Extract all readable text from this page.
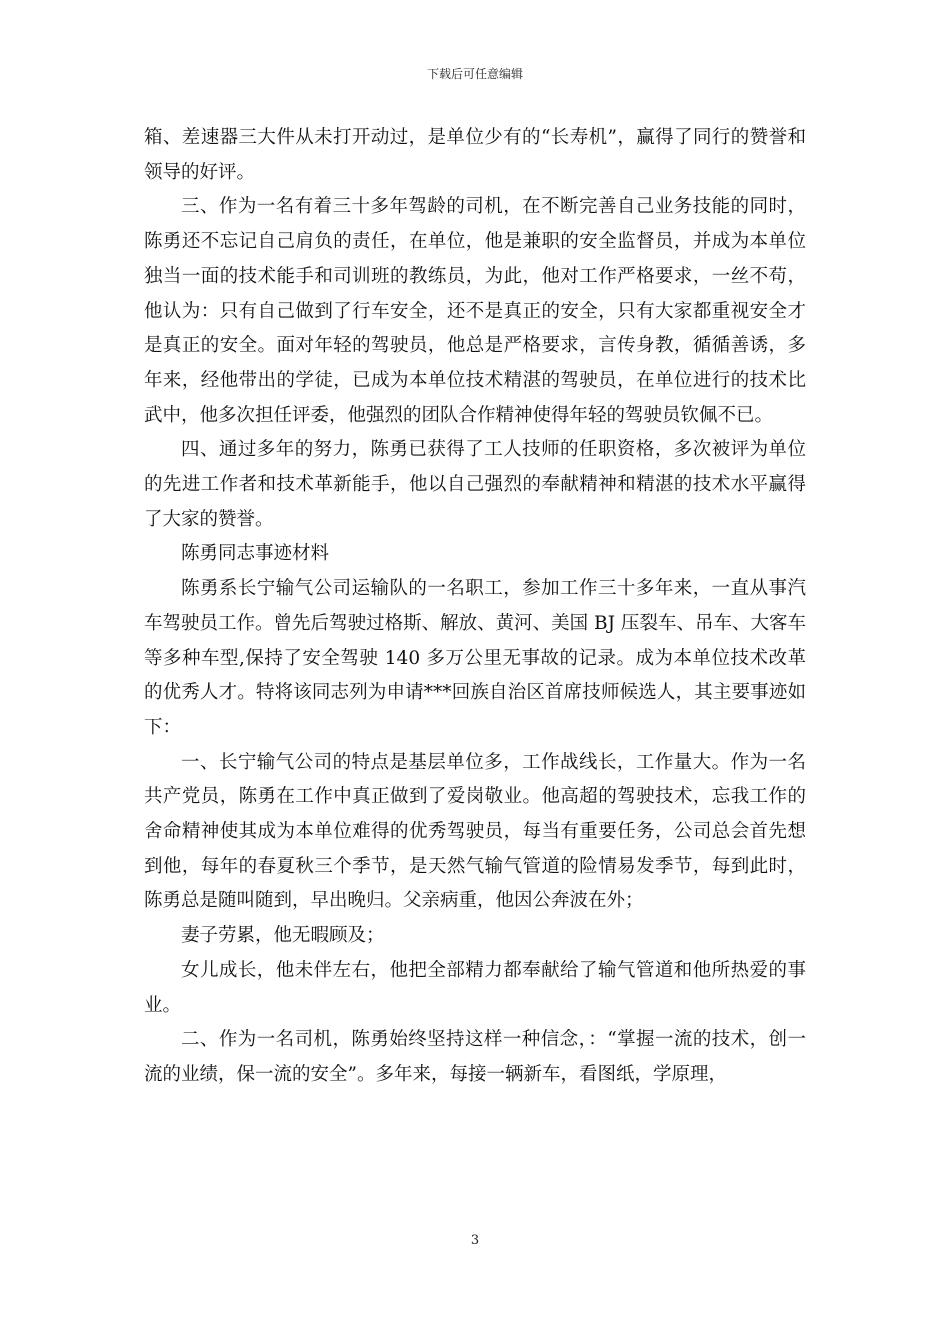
下载后可任意编辑

箱、差速器三大件从未打开动过，是单位少有的“长寿机”，赢得了同行的赞誉和领导的好评。

三、作为一名有着三十多年驾龄的司机，在不断完善自己业务技能的同时，陈勇还不忘记自己肩负的责任，在单位，他是兼职的安全监督员，并成为本单位独当一面的技术能手和司训班的教练员，为此，他对工作严格要求，一丝不苟，他认为：只有自己做到了行车安全，还不是真正的安全，只有大家都重视安全才是真正的安全。面对年轻的驾驶员，他总是严格要求，言传身教，循循善诱，多年来，经他带出的学徒，已成为本单位技术精湛的驾驶员，在单位进行的技术比武中，他多次担任评委，他强烈的团队合作精神使得年轻的驾驶员钦佩不已。

四、通过多年的努力，陈勇已获得了工人技师的任职资格，多次被评为单位的先进工作者和技术革新能手，他以自己强烈的奉献精神和精湛的技术水平赢得了大家的赞誉。

陈勇同志事迹材料

陈勇系长宁输气公司运输队的一名职工，参加工作三十多年来，一直从事汽车驾驶员工作。曾先后驾驶过格斯、解放、黄河、美国 BJ 压裂车、吊车、大客车等多种车型,保持了安全驾驶 140 多万公里无事故的记录。成为本单位技术改革的优秀人才。特将该同志列为申请***回族自治区首席技师候选人，其主要事迹如下：

一、长宁输气公司的特点是基层单位多，工作战线长，工作量大。作为一名共产党员，陈勇在工作中真正做到了爱岗敬业。他高超的驾驶技术，忘我工作的舍命精神使其成为本单位难得的优秀驾驶员，每当有重要任务，公司总会首先想到他，每年的春夏秋三个季节，是天然气输气管道的险情易发季节，每到此时，陈勇总是随叫随到，早出晚归。父亲病重，他因公奔波在外；

妻子劳累，他无暇顾及；

女儿成长，他未伴左右，他把全部精力都奉献给了输气管道和他所热爱的事业。

二、作为一名司机，陈勇始终坚持这样一种信念，：“掌握一流的技术，创一流的业绩，保一流的安全”。多年来，每接一辆新车，看图纸，学原理，

3
